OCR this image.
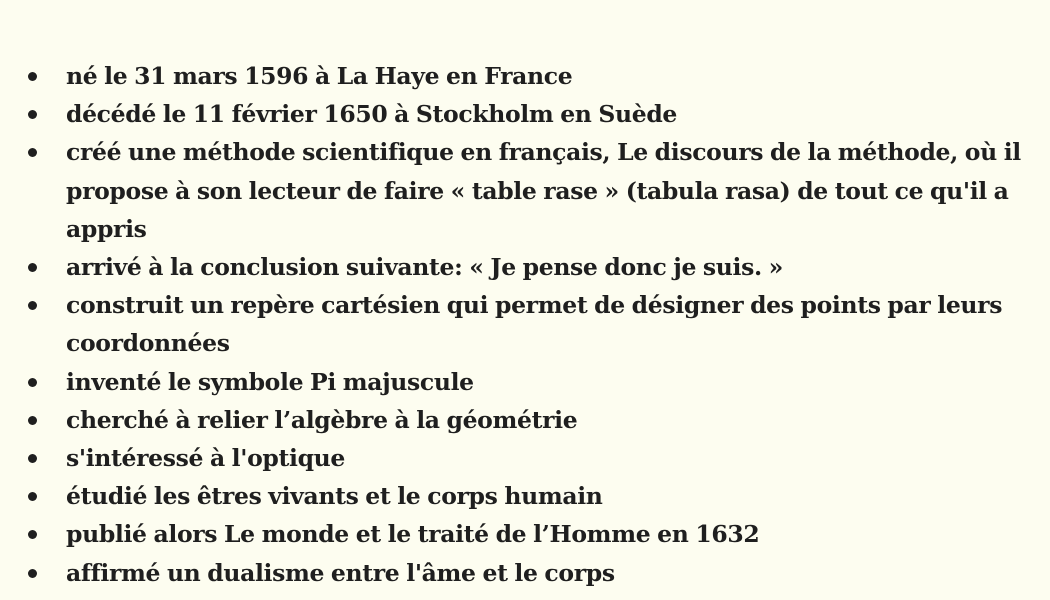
né le 31 mars 1596 à La Haye en France
décédé le 11 février 1650 à Stockholm en Suède
créé une méthode scientifique en français, Le discours de la méthode, où il propose à son lecteur de faire « table rase » (tabula rasa) de tout ce qu'il a appris
arrivé à la conclusion suivante: « Je pense donc je suis. »
construit un repère cartésien qui permet de désigner des points par leurs coordonnées
inventé le symbole Pi majuscule
cherché à relier l’algèbre à la géométrie
s'intéressé à l'optique
étudié les êtres vivants et le corps humain
publié alors Le monde et le traité de l’Homme en 1632
affirmé un dualisme entre l'âme et le corps
